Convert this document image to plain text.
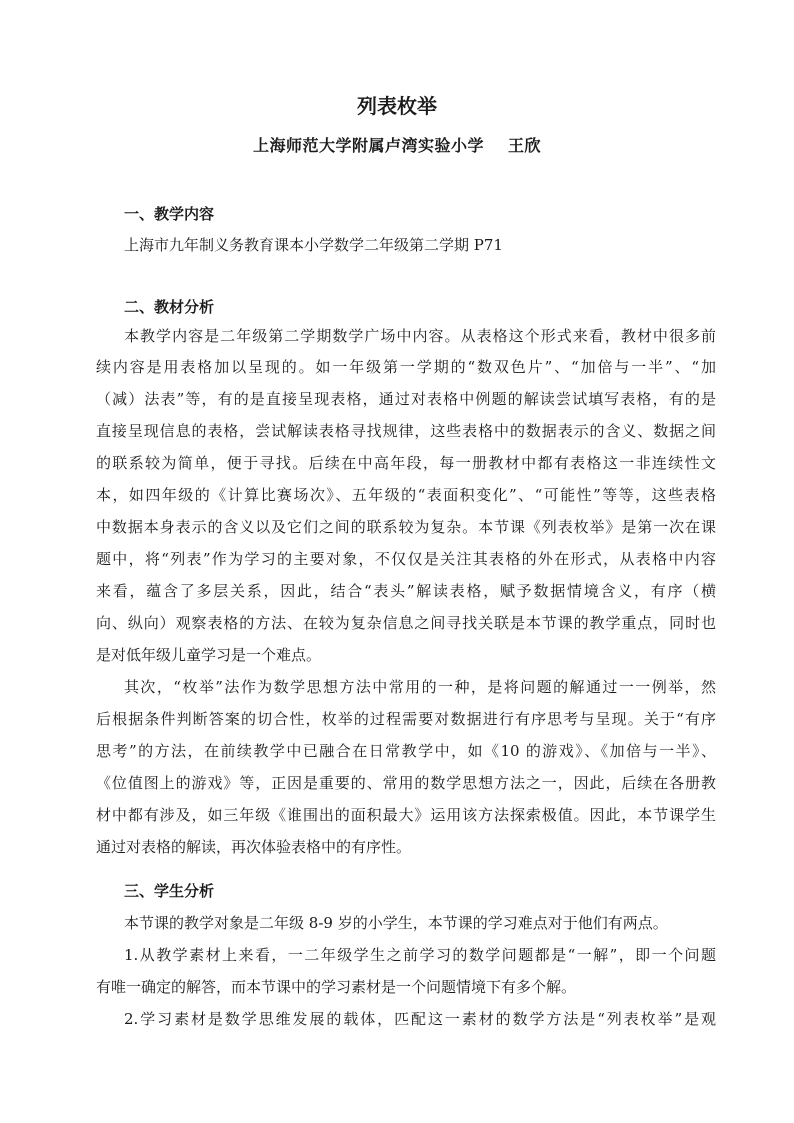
列表枚举
上海师范大学附属卢湾实验小学 王欣
一、教学内容
上海市九年制义务教育课本小学数学二年级第二学期 P71
二、教材分析
本教学内容是二年级第二学期数学广场中内容。从表格这个形式来看，教材中很多前
续内容是用表格加以呈现的。如一年级第一学期的“数双色片”、“加倍与一半”、“加
（减）法表”等，有的是直接呈现表格，通过对表格中例题的解读尝试填写表格，有的是
直接呈现信息的表格，尝试解读表格寻找规律，这些表格中的数据表示的含义、数据之间
的联系较为简单，便于寻找。后续在中高年段，每一册教材中都有表格这一非连续性文
本，如四年级的《计算比赛场次》、五年级的“表面积变化”、“可能性”等等，这些表格
中数据本身表示的含义以及它们之间的联系较为复杂。本节课《列表枚举》是第一次在课
题中，将“列表”作为学习的主要对象，不仅仅是关注其表格的外在形式，从表格中内容
来看，蕴含了多层关系，因此，结合“表头”解读表格，赋予数据情境含义，有序（横
向、纵向）观察表格的方法、在较为复杂信息之间寻找关联是本节课的教学重点，同时也
是对低年级儿童学习是一个难点。
其次，“枚举”法作为数学思想方法中常用的一种，是将问题的解通过一一例举，然
后根据条件判断答案的切合性，枚举的过程需要对数据进行有序思考与呈现。关于“有序
思考”的方法，在前续教学中已融合在日常教学中，如《10 的游戏》、《加倍与一半》、
《位值图上的游戏》等，正因是重要的、常用的数学思想方法之一，因此，后续在各册教
材中都有涉及，如三年级《谁围出的面积最大》运用该方法探索极值。因此，本节课学生
通过对表格的解读，再次体验表格中的有序性。
三、学生分析
本节课的教学对象是二年级 8-9 岁的小学生，本节课的学习难点对于他们有两点。
1.从教学素材上来看，一二年级学生之前学习的数学问题都是“一解”，即一个问题
有唯一确定的解答，而本节课中的学习素材是一个问题情境下有多个解。
2.学习素材是数学思维发展的载体，匹配这一素材的数学方法是“列表枚举”是观
